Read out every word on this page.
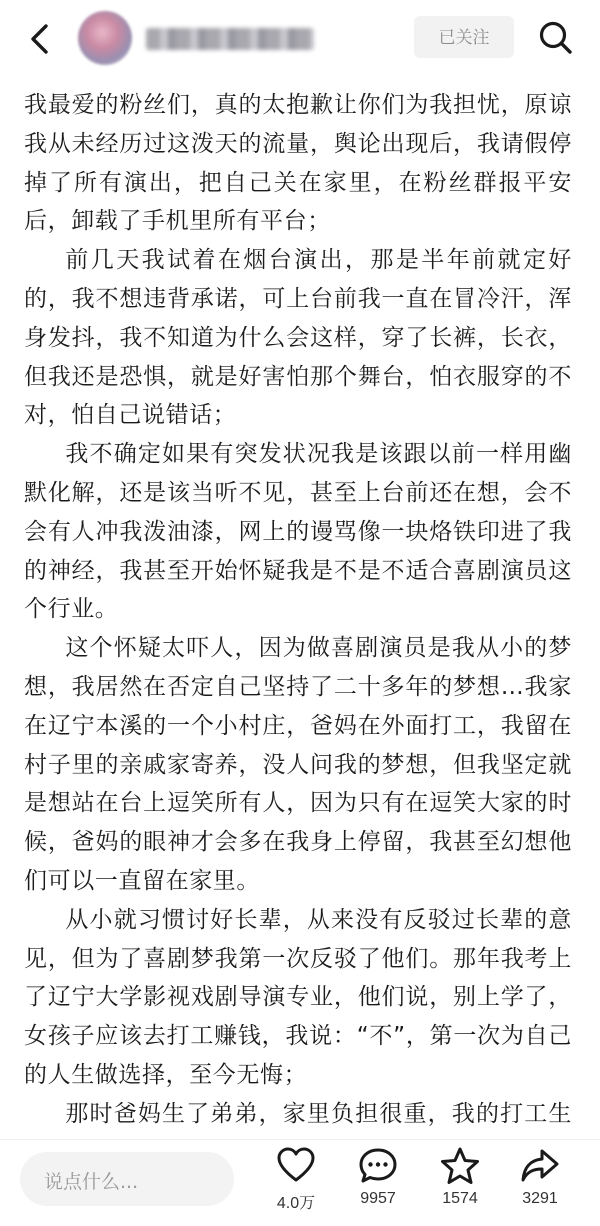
已关注

我最爱的粉丝们，真的太抱歉让你们为我担忧，原谅我从未经历过这泼天的流量，舆论出现后，我请假停掉了所有演出，把自己关在家里，在粉丝群报平安后，卸载了手机里所有平台；

前几天我试着在烟台演出，那是半年前就定好的，我不想违背承诺，可上台前我一直在冒冷汗，浑身发抖，我不知道为什么会这样，穿了长裤，长衣，但我还是恐惧，就是好害怕那个舞台，怕衣服穿的不对，怕自己说错话；

我不确定如果有突发状况我是该跟以前一样用幽默化解，还是该当听不见，甚至上台前还在想，会不会有人冲我泼油漆，网上的谩骂像一块烙铁印进了我的神经，我甚至开始怀疑我是不是不适合喜剧演员这个行业。

这个怀疑太吓人，因为做喜剧演员是我从小的梦想，我居然在否定自己坚持了二十多年的梦想…我家在辽宁本溪的一个小村庄，爸妈在外面打工，我留在村子里的亲戚家寄养，没人问我的梦想，但我坚定就是想站在台上逗笑所有人，因为只有在逗笑大家的时候，爸妈的眼神才会多在我身上停留，我甚至幻想他们可以一直留在家里。

从小就习惯讨好长辈，从来没有反驳过长辈的意见，但为了喜剧梦我第一次反驳了他们。那年我考上了辽宁大学影视戏剧导演专业，他们说，别上学了，女孩子应该去打工赚钱，我说：“不”，第一次为自己的人生做选择，至今无悔；

那时爸妈生了弟弟，家里负担很重，我的打工生

说点什么...
4.0万	9957	1574	3291
